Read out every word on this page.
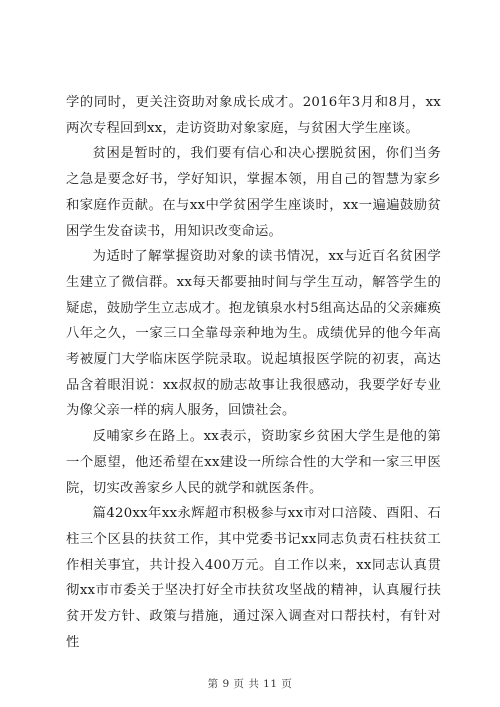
学的同时，更关注资助对象成长成才。2016年3月和8月，xx两次专程回到xx，走访资助对象家庭，与贫困大学生座谈。

贫困是暂时的，我们要有信心和决心摆脱贫困，你们当务之急是要念好书，学好知识，掌握本领，用自己的智慧为家乡和家庭作贡献。在与xx中学贫困学生座谈时，xx一遍遍鼓励贫困学生发奋读书，用知识改变命运。

为适时了解掌握资助对象的读书情况，xx与近百名贫困学生建立了微信群。xx每天都要抽时间与学生互动，解答学生的疑虑，鼓励学生立志成才。抱龙镇泉水村5组高达品的父亲瘫痪八年之久，一家三口全靠母亲种地为生。成绩优异的他今年高考被厦门大学临床医学院录取。说起填报医学院的初衷，高达品含着眼泪说：xx叔叔的励志故事让我很感动，我要学好专业为像父亲一样的病人服务，回馈社会。

反哺家乡在路上。xx表示，资助家乡贫困大学生是他的第一个愿望，他还希望在xx建设一所综合性的大学和一家三甲医院，切实改善家乡人民的就学和就医条件。

篇420xx年xx永辉超市积极参与xx市对口涪陵、酉阳、石柱三个区县的扶贫工作，其中党委书记xx同志负责石柱扶贫工作相关事宜，共计投入400万元。自工作以来，xx同志认真贯彻xx市市委关于坚决打好全市扶贫攻坚战的精神，认真履行扶贫开发方针、政策与措施，通过深入调查对口帮扶村，有针对性

第 9 页 共 11 页
